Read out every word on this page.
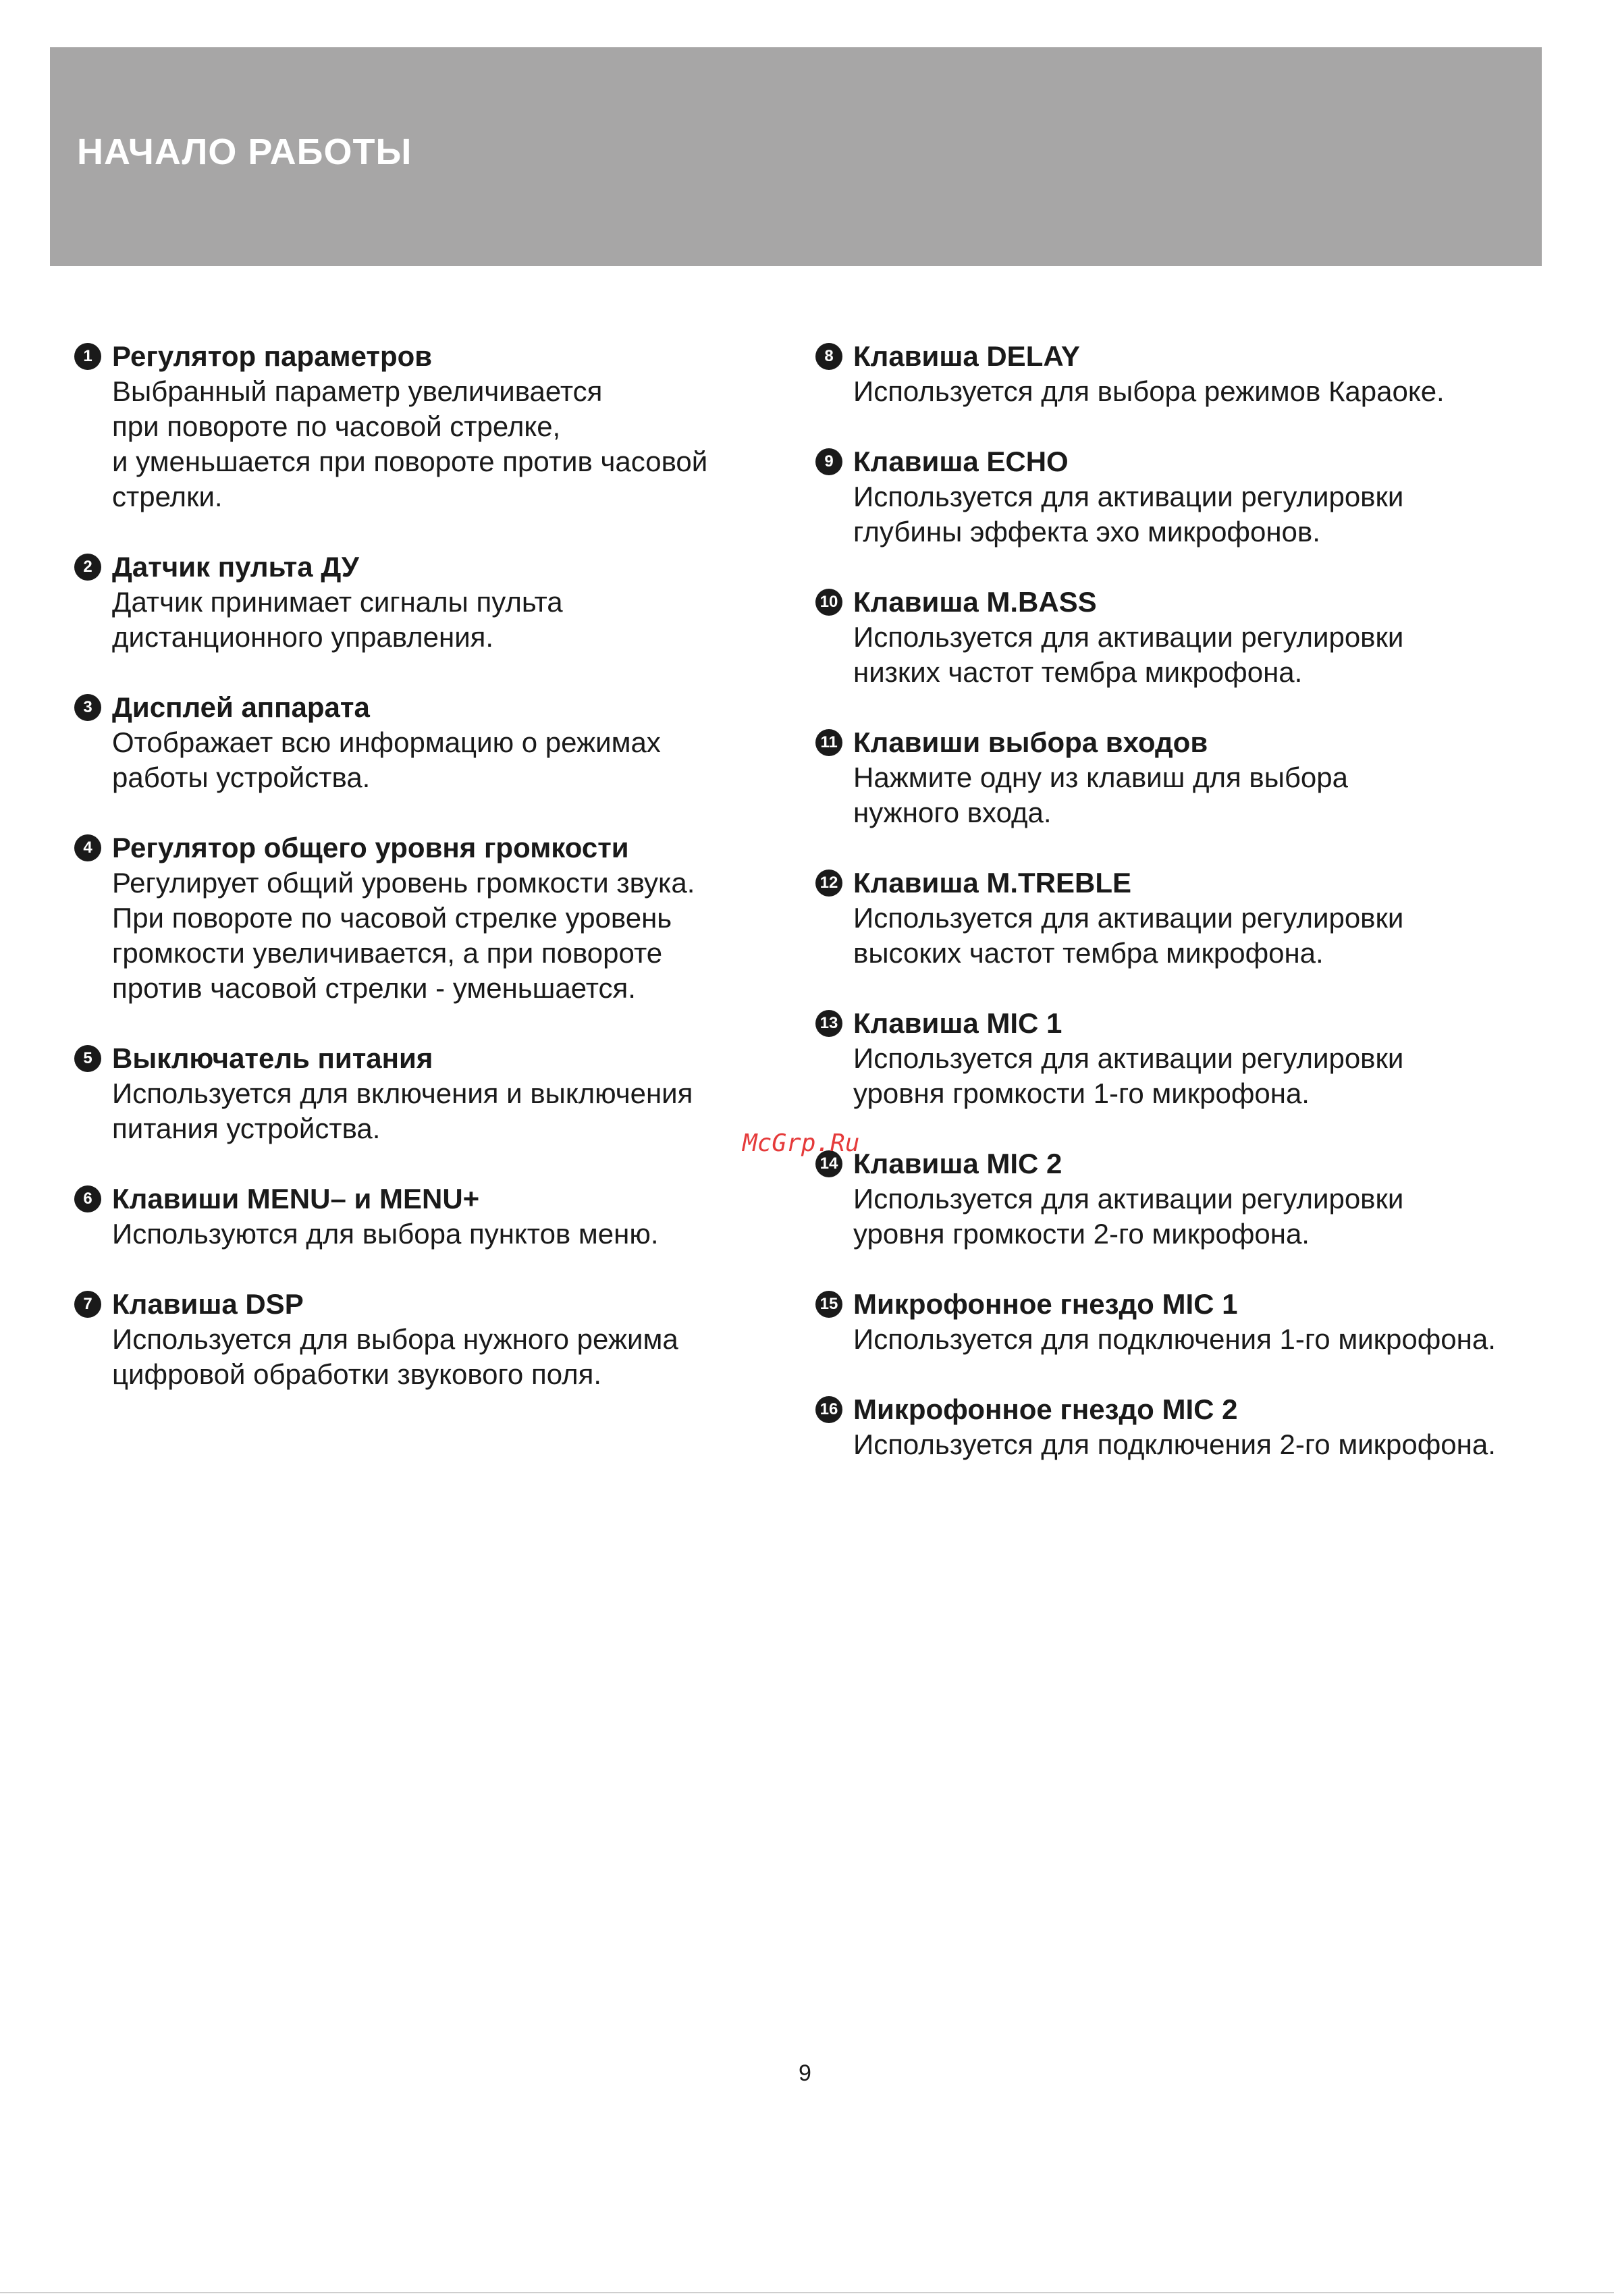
НАЧАЛО РАБОТЫ
1 Регулятор параметров
Выбранный параметр увеличивается
при повороте по часовой стрелке,
и уменьшается при повороте против часовой
стрелки.
2 Датчик пульта ДУ
Датчик принимает сигналы пульта
дистанционного управления.
3 Дисплей аппарата
Отображает всю информацию о режимах
работы устройства.
4 Регулятор общего уровня громкости
Регулирует общий уровень громкости звука.
При повороте по часовой стрелке уровень
громкости увеличивается, а при повороте
против часовой стрелки - уменьшается.
5 Выключатель питания
Используется для включения и выключения
питания устройства.
6 Клавиши MENU– и MENU+
Используются для выбора пунктов меню.
7 Клавиша DSP
Используется для выбора нужного режима
цифровой обработки звукового поля.
8 Клавиша DELAY
Используется для выбора режимов Караоке.
9 Клавиша ECHO
Используется для активации регулировки
глубины эффекта эхо микрофонов.
10 Клавиша M.BASS
Используется для активации регулировки
низких частот тембра микрофона.
11 Клавиши выбора входов
Нажмите одну из клавиш для выбора
нужного входа.
12 Клавиша M.TREBLE
Используется для активации регулировки
высоких частот тембра микрофона.
13 Клавиша MIC 1
Используется для активации регулировки
уровня громкости 1-го микрофона.
14 Клавиша MIC 2
Используется для активации регулировки
уровня громкости 2-го микрофона.
15 Микрофонное гнездо MIC 1
Используется для подключения 1-го микрофона.
16 Микрофонное гнездо MIC 2
Используется для подключения 2-го микрофона.
McGrp.Ru
9
